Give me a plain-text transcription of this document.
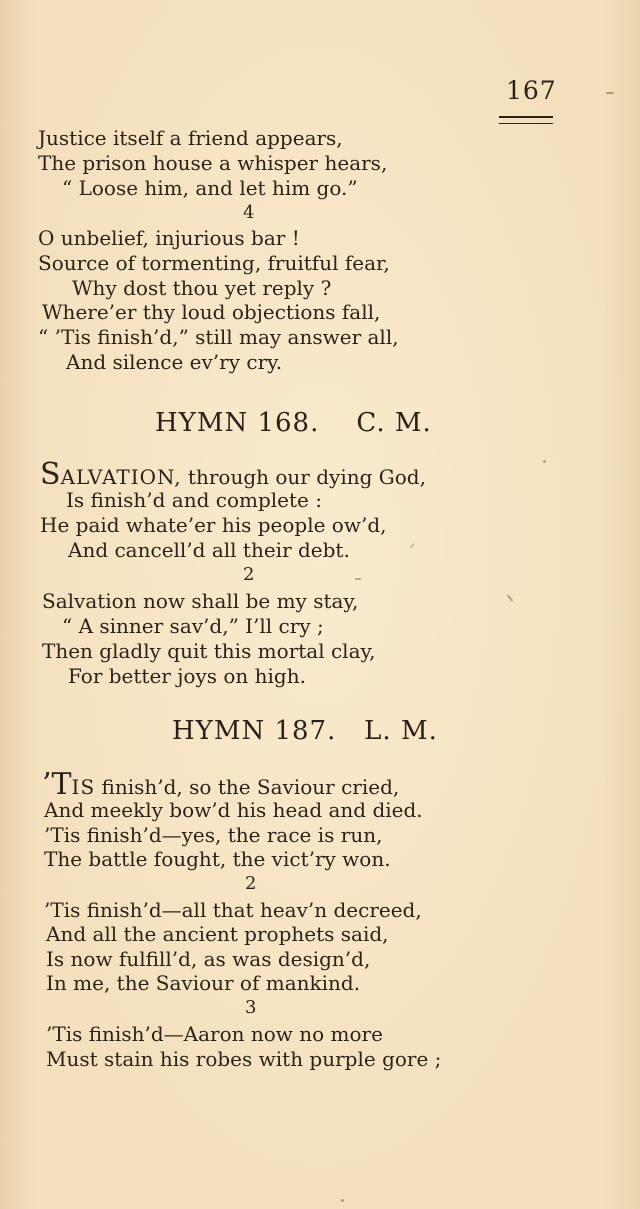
167
Justice itself a friend appears,
The prison house a whisper hears,
“ Loose him, and let him go.”
4
O unbelief, injurious bar !
Source of tormenting, fruitful fear,
Why dost thou yet reply ?
Where’er thy loud objections fall,
“ ’Tis finish’d,” still may answer all,
And silence ev’ry cry.
HYMN 168.    C. M.
SALVATION, through our dying God,
Is finish’d and complete :
He paid whate’er his people ow’d,
And cancell’d all their debt.
2
Salvation now shall be my stay,
“ A sinner sav’d,” I’ll cry ;
Then gladly quit this mortal clay,
For better joys on high.
HYMN 187.   L. M.
’TIS finish’d, so the Saviour cried,
And meekly bow’d his head and died.
’Tis finish’d—yes, the race is run,
The battle fought, the vict’ry won.
2
’Tis finish’d—all that heav’n decreed,
And all the ancient prophets said,
Is now fulfill’d, as was design’d,
In me, the Saviour of mankind.
3
’Tis finish’d—Aaron now no more
Must stain his robes with purple gore ;
